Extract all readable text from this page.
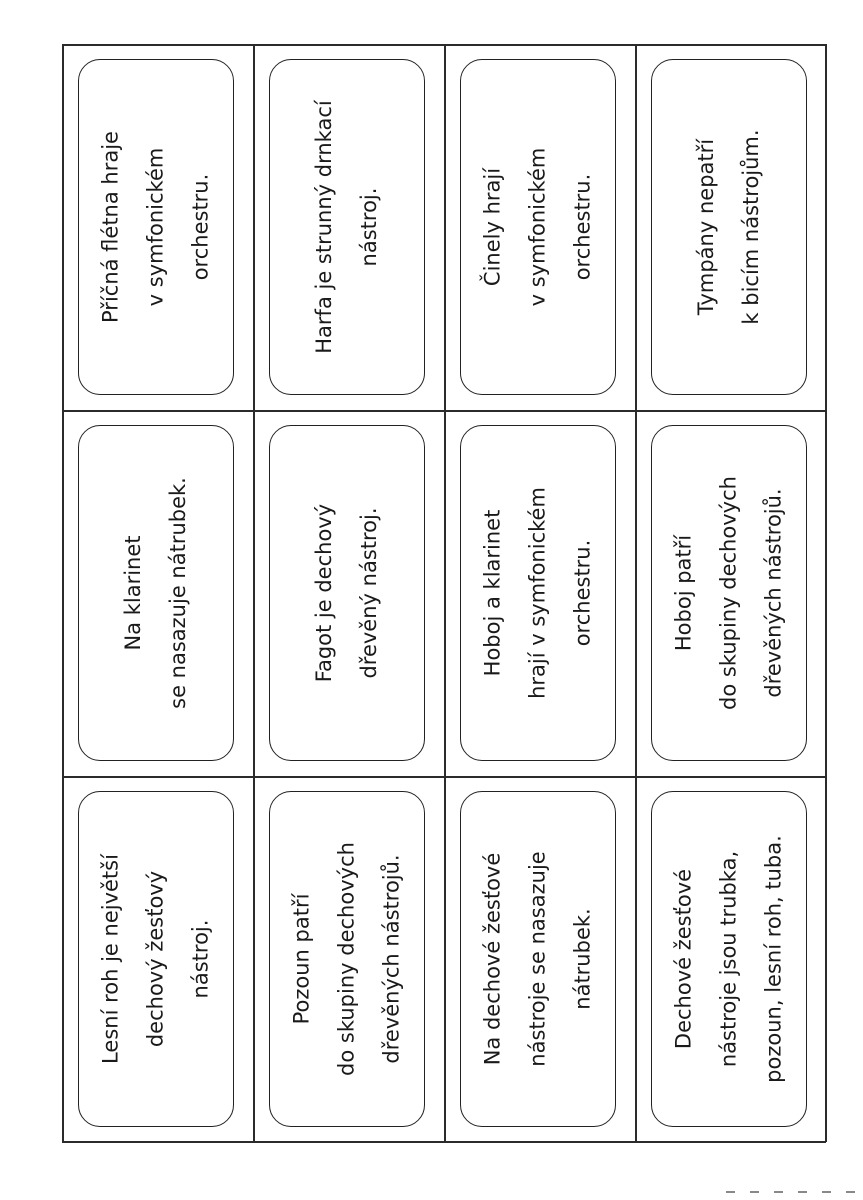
Příčná flétna hraje
v symfonickém
orchestru.
Na klarinet
se nasazuje nátrubek.
Lesní roh je největší
dechový žesťový
nástroj.
Harfa je strunný drnkací
nástroj.
Fagot je dechový
dřevěný nástroj.
Pozoun patří
do skupiny dechových
dřevěných nástrojů.
Činely hrají
v symfonickém
orchestru.
Hoboj a klarinet
hrají v symfonickém
orchestru.
Na dechové žesťové
nástroje se nasazuje
nátrubek.
Tympány nepatří
k bicím nástrojům.
Hoboj patří
do skupiny dechových
dřevěných nástrojů.
Dechové žesťové
nástroje jsou trubka,
pozoun, lesní roh, tuba.
